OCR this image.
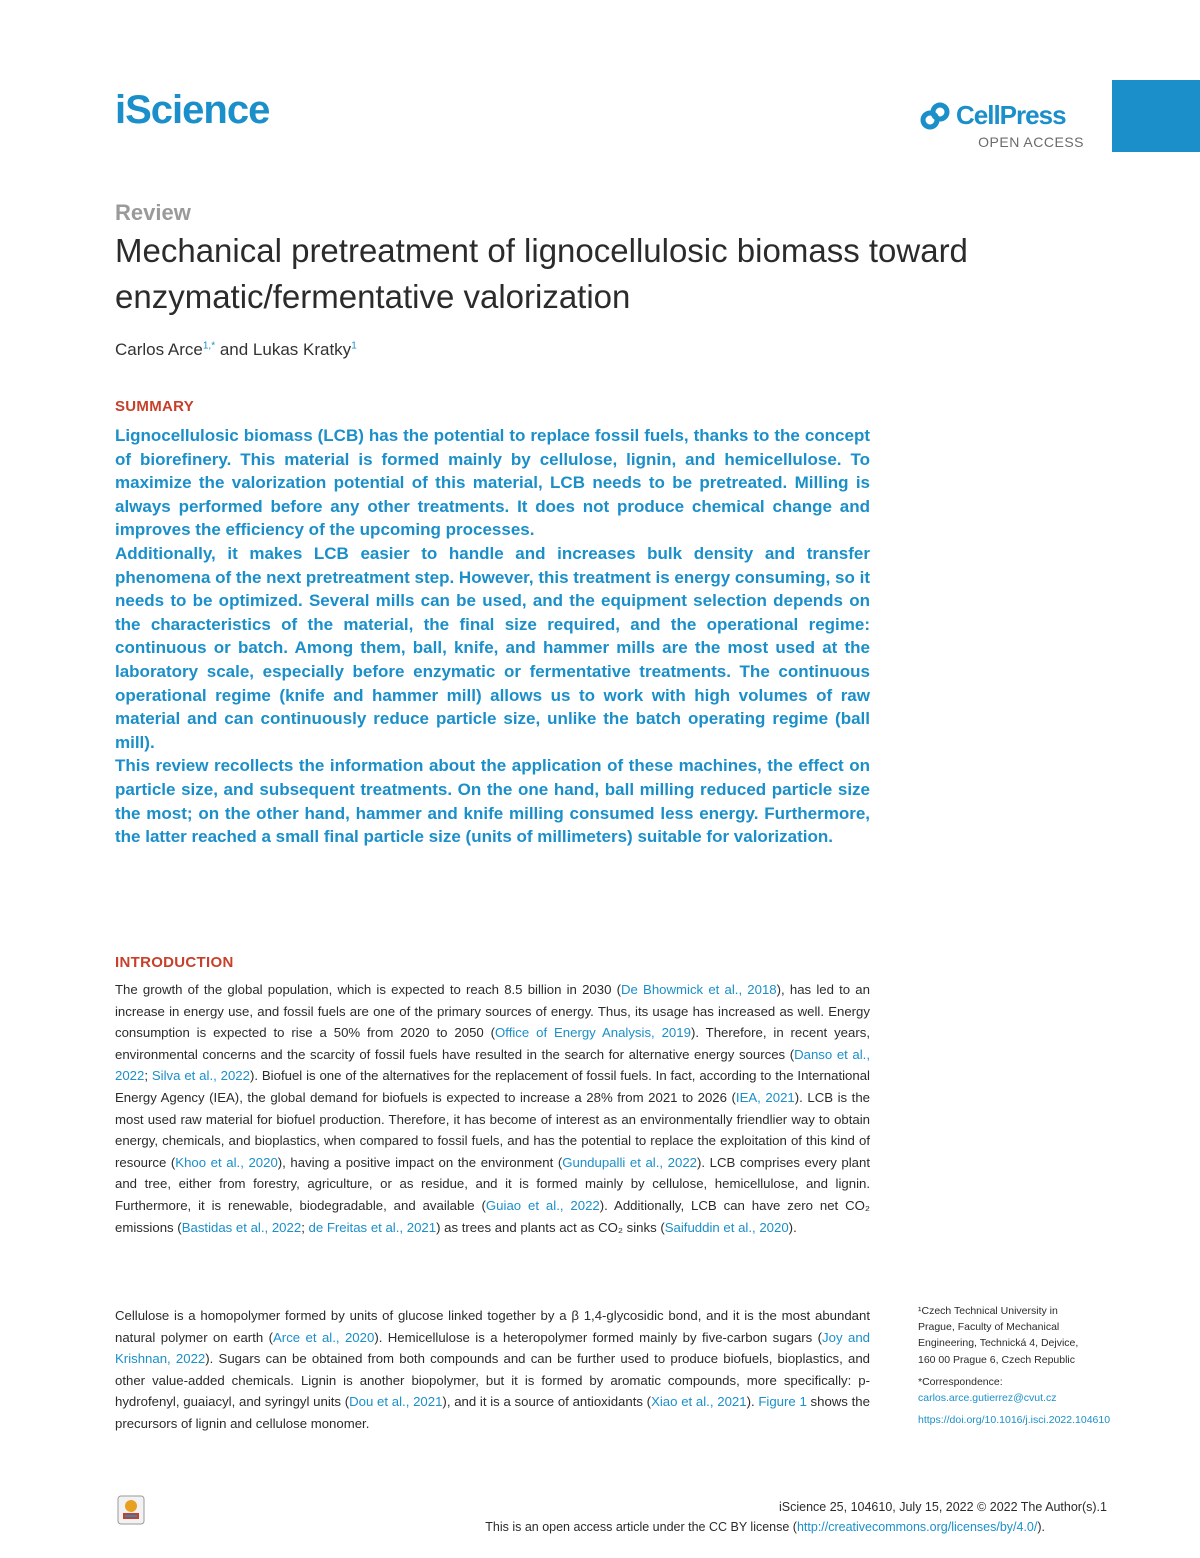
iScience	CellPress
OPEN ACCESS
Review
Mechanical pretreatment of lignocellulosic biomass toward enzymatic/fermentative valorization
Carlos Arce$^{1,*}$ and Lukas Kratky$^1$
SUMMARY

Lignocellulosic biomass (LCB) has the potential to replace fossil fuels, thanks to the concept of biorefinery. This material is formed mainly by cellulose, lignin, and hemicellulose. To maximize the valorization potential of this material, LCB needs to be pretreated. Milling is always performed before any other treatments. It does not produce chemical change and improves the efficiency of the upcoming processes.

Additionally, it makes LCB easier to handle and increases bulk density and transfer phenomena of the next pretreatment step. However, this treatment is energy consuming, so it needs to be optimized. Several mills can be used, and the equipment selection depends on the characteristics of the material, the final size required, and the operational regime: continuous or batch. Among them, ball, knife, and hammer mills are the most used at the laboratory scale, especially before enzymatic or fermentative treatments. The continuous operational regime (knife and hammer mill) allows us to work with high volumes of raw material and can continuously reduce particle size, unlike the batch operating regime (ball mill).

This review recollects the information about the application of these machines, the effect on particle size, and subsequent treatments. On the one hand, ball milling reduced particle size the most; on the other hand, hammer and knife milling consumed less energy. Furthermore, the latter reached a small final particle size (units of millimeters) suitable for valorization.

INTRODUCTION

The growth of the global population, which is expected to reach 8.5 billion in 2030 (De Bhowmick et al., 2018), has led to an increase in energy use, and fossil fuels are one of the primary sources of energy. Thus, its usage has increased as well. Energy consumption is expected to rise a 50% from 2020 to 2050 (Office of Energy Analysis, 2019). Therefore, in recent years, environmental concerns and the scarcity of fossil fuels have resulted in the search for alternative energy sources (Danso et al., 2022; Silva et al., 2022). Biofuel is one of the alternatives for the replacement of fossil fuels. In fact, according to the International Energy Agency (IEA), the global demand for biofuels is expected to increase a 28% from 2021 to 2026 (IEA, 2021). LCB is the most used raw material for biofuel production. Therefore, it has become of interest as an environmentally friendlier way to obtain energy, chemicals, and bioplastics, when compared to fossil fuels, and has the potential to replace the exploitation of this kind of resource (Khoo et al., 2020), having a positive impact on the environment (Gundupalli et al., 2022). LCB comprises every plant and tree, either from forestry, agriculture, or as residue, and it is formed mainly by cellulose, hemicellulose, and lignin. Furthermore, it is renewable, biodegradable, and available (Guiao et al., 2022). Additionally, LCB can have zero net CO₂ emissions (Bastidas et al., 2022; de Freitas et al., 2021) as trees and plants act as CO₂ sinks (Saifuddin et al., 2020).

Cellulose is a homopolymer formed by units of glucose linked together by a β 1,4-glycosidic bond, and it is the most abundant natural polymer on earth (Arce et al., 2020). Hemicellulose is a heteropolymer formed mainly by five-carbon sugars (Joy and Krishnan, 2022). Sugars can be obtained from both compounds and can be further used to produce biofuels, bioplastics, and other value-added chemicals. Lignin is another biopolymer, but it is formed by aromatic compounds, more specifically: p-hydrofenyl, guaiacyl, and syringyl units (Dou et al., 2021), and it is a source of antioxidants (Xiao et al., 2021). Figure 1 shows the precursors of lignin and cellulose monomer.

¹Czech Technical University in Prague, Faculty of Mechanical Engineering, Technická 4, Dejvice, 160 00 Prague 6, Czech Republic

*Correspondence:

carlos.arce.gutierrez@cvut.cz

https://doi.org/10.1016/j.isci.2022.104610

iScience 25, 104610, July 15, 2022 © 2022 The Author(s). 1
This is an open access article under the CC BY license (http://creativecommons.org/licenses/by/4.0/).
